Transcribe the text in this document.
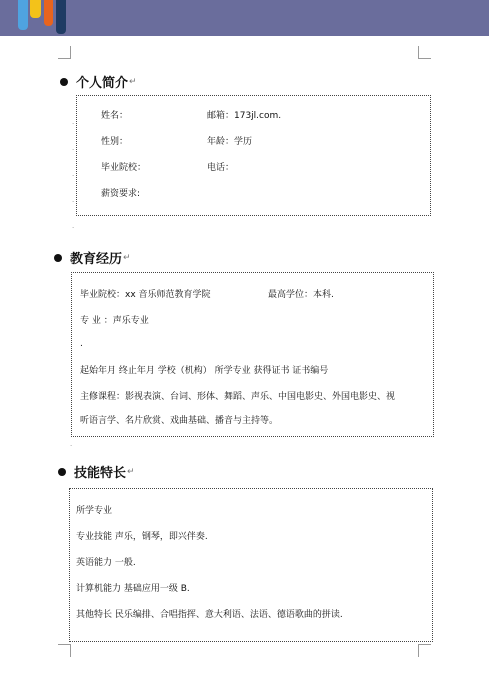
个人简介 ↵
姓名：	邮箱：173jl.com.
性别：	年龄：学历
毕业院校：	电话：
薪资要求:
.
.
.
.
.
教育经历 ↵
毕业院校：xx 音乐师范教育学院	最高学位：本科.
专 业 ：声乐专业
.
起始年月 终止年月 学校（机构） 所学专业 获得证书 证书编号
主修课程：影视表演、台词、形体、舞蹈、声乐、中国电影史、外国电影史、视
听语言学、名片欣赏、戏曲基础、播音与主持等。
.
技能特长 ↵
所学专业
专业技能 声乐，钢琴，即兴伴奏.
英语能力 一般.
计算机能力 基础应用一级 B.
其他特长 民乐编排、合唱指挥、意大利语、法语、德语歌曲的拼读.
